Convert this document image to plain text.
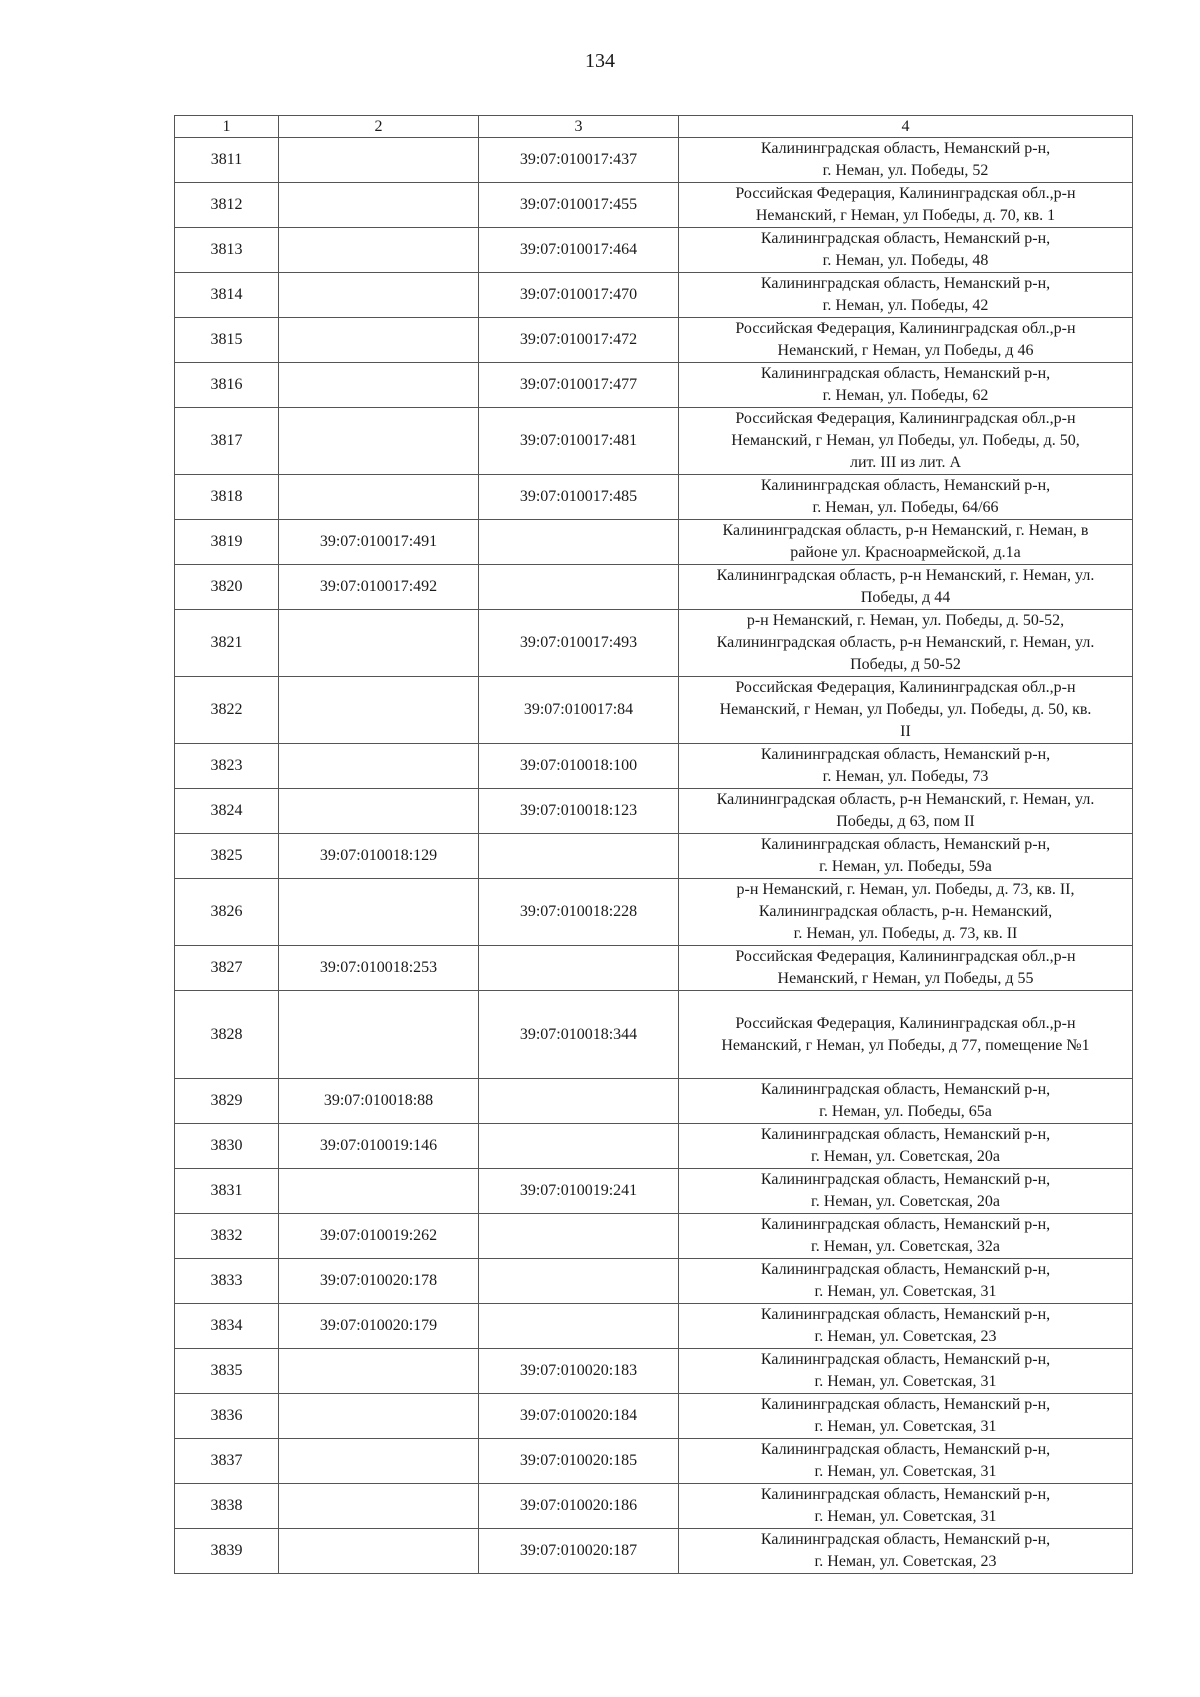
134
1	2	3	4
3811		39:07:010017:437	Калининградская область, Неманский р-н,
г. Неман, ул. Победы, 52

3812		39:07:010017:455	Российская Федерация, Калининградская обл.,р-н
Неманский, г Неман, ул Победы, д. 70, кв. 1

3813		39:07:010017:464	Калининградская область, Неманский р-н,
г. Неман, ул. Победы, 48

3814		39:07:010017:470	Калининградская область, Неманский р-н,
г. Неман, ул. Победы, 42

3815		39:07:010017:472	Российская Федерация, Калининградская обл.,р-н
Неманский, г Неман, ул Победы, д 46

3816		39:07:010017:477	Калининградская область, Неманский р-н,
г. Неман, ул. Победы, 62

3817		39:07:010017:481	Российская Федерация, Калининградская обл.,р-н
Неманский, г Неман, ул Победы, ул. Победы, д. 50,
лит. III из лит. А

3818		39:07:010017:485	Калининградская область, Неманский р-н,
г. Неман, ул. Победы, 64/66

3819	39:07:010017:491		Калининградская область, р-н Неманский, г. Неман, в
районе ул. Красноармейской, д.1а

3820	39:07:010017:492		Калининградская область, р-н Неманский, г. Неман, ул.
Победы, д 44

3821		39:07:010017:493	р-н Неманский, г. Неман, ул. Победы, д. 50-52,
Калининградская область, р-н Неманский, г. Неман, ул.
Победы, д 50-52

3822		39:07:010017:84	Российская Федерация, Калининградская обл.,р-н
Неманский, г Неман, ул Победы, ул. Победы, д. 50, кв.
II

3823		39:07:010018:100	Калининградская область, Неманский р-н,
г. Неман, ул. Победы, 73

3824		39:07:010018:123	Калининградская область, р-н Неманский, г. Неман, ул.
Победы, д 63, пом II

3825	39:07:010018:129		Калининградская область, Неманский р-н,
г. Неман, ул. Победы, 59а

3826		39:07:010018:228	р-н Неманский, г. Неман, ул. Победы, д. 73, кв. II,
Калининградская область, р-н. Неманский,
г. Неман, ул. Победы, д. 73, кв. II

3827	39:07:010018:253		Российская Федерация, Калининградская обл.,р-н
Неманский, г Неман, ул Победы, д 55

3828		39:07:010018:344	Российская Федерация, Калининградская обл.,р-н
Неманский, г Неман, ул Победы, д 77, помещение №1

3829	39:07:010018:88		Калининградская область, Неманский р-н,
г. Неман, ул. Победы, 65а

3830	39:07:010019:146		Калининградская область, Неманский р-н,
г. Неман, ул. Советская, 20а

3831		39:07:010019:241	Калининградская область, Неманский р-н,
г. Неман, ул. Советская, 20а

3832	39:07:010019:262		Калининградская область, Неманский р-н,
г. Неман, ул. Советская, 32а

3833	39:07:010020:178		Калининградская область, Неманский р-н,
г. Неман, ул. Советская, 31

3834	39:07:010020:179		Калининградская область, Неманский р-н,
г. Неман, ул. Советская, 23

3835		39:07:010020:183	Калининградская область, Неманский р-н,
г. Неман, ул. Советская, 31

3836		39:07:010020:184	Калининградская область, Неманский р-н,
г. Неман, ул. Советская, 31

3837		39:07:010020:185	Калининградская область, Неманский р-н,
г. Неман, ул. Советская, 31

3838		39:07:010020:186	Калининградская область, Неманский р-н,
г. Неман, ул. Советская, 31

3839		39:07:010020:187	Калининградская область, Неманский р-н,
г. Неман, ул. Советская, 23
